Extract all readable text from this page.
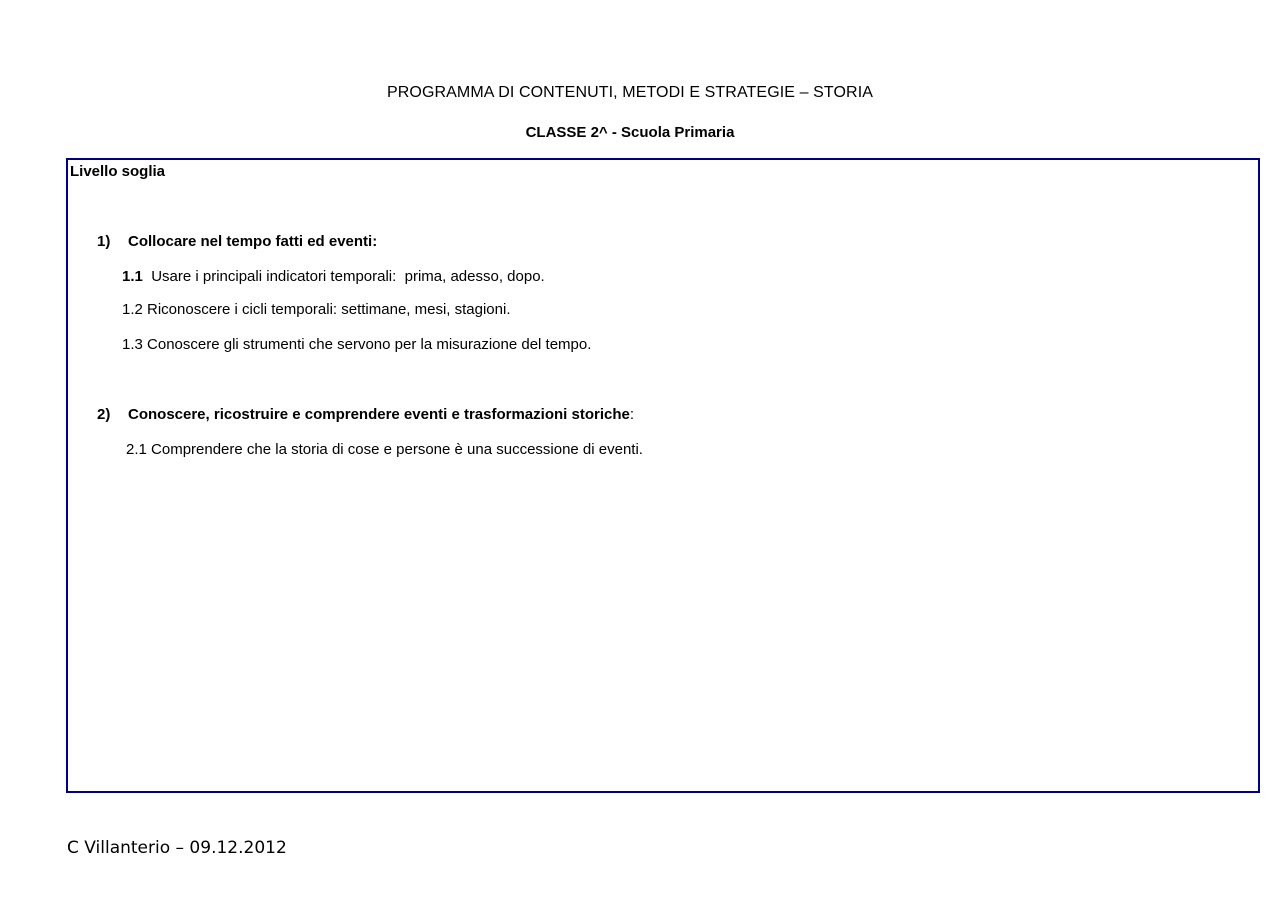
PROGRAMMA DI CONTENUTI, METODI E STRATEGIE – STORIA
CLASSE 2^ - Scuola Primaria
Livello soglia
1) Collocare nel tempo fatti ed eventi:
1.1  Usare i principali indicatori temporali:  prima, adesso, dopo.
1.2 Riconoscere i cicli temporali: settimane, mesi, stagioni.
1.3 Conoscere gli strumenti che servono per la misurazione del tempo.
2) Conoscere, ricostruire e comprendere eventi e trasformazioni storiche:
2.1 Comprendere che la storia di cose e persone è una successione di eventi.
C Villanterio – 09.12.2012
